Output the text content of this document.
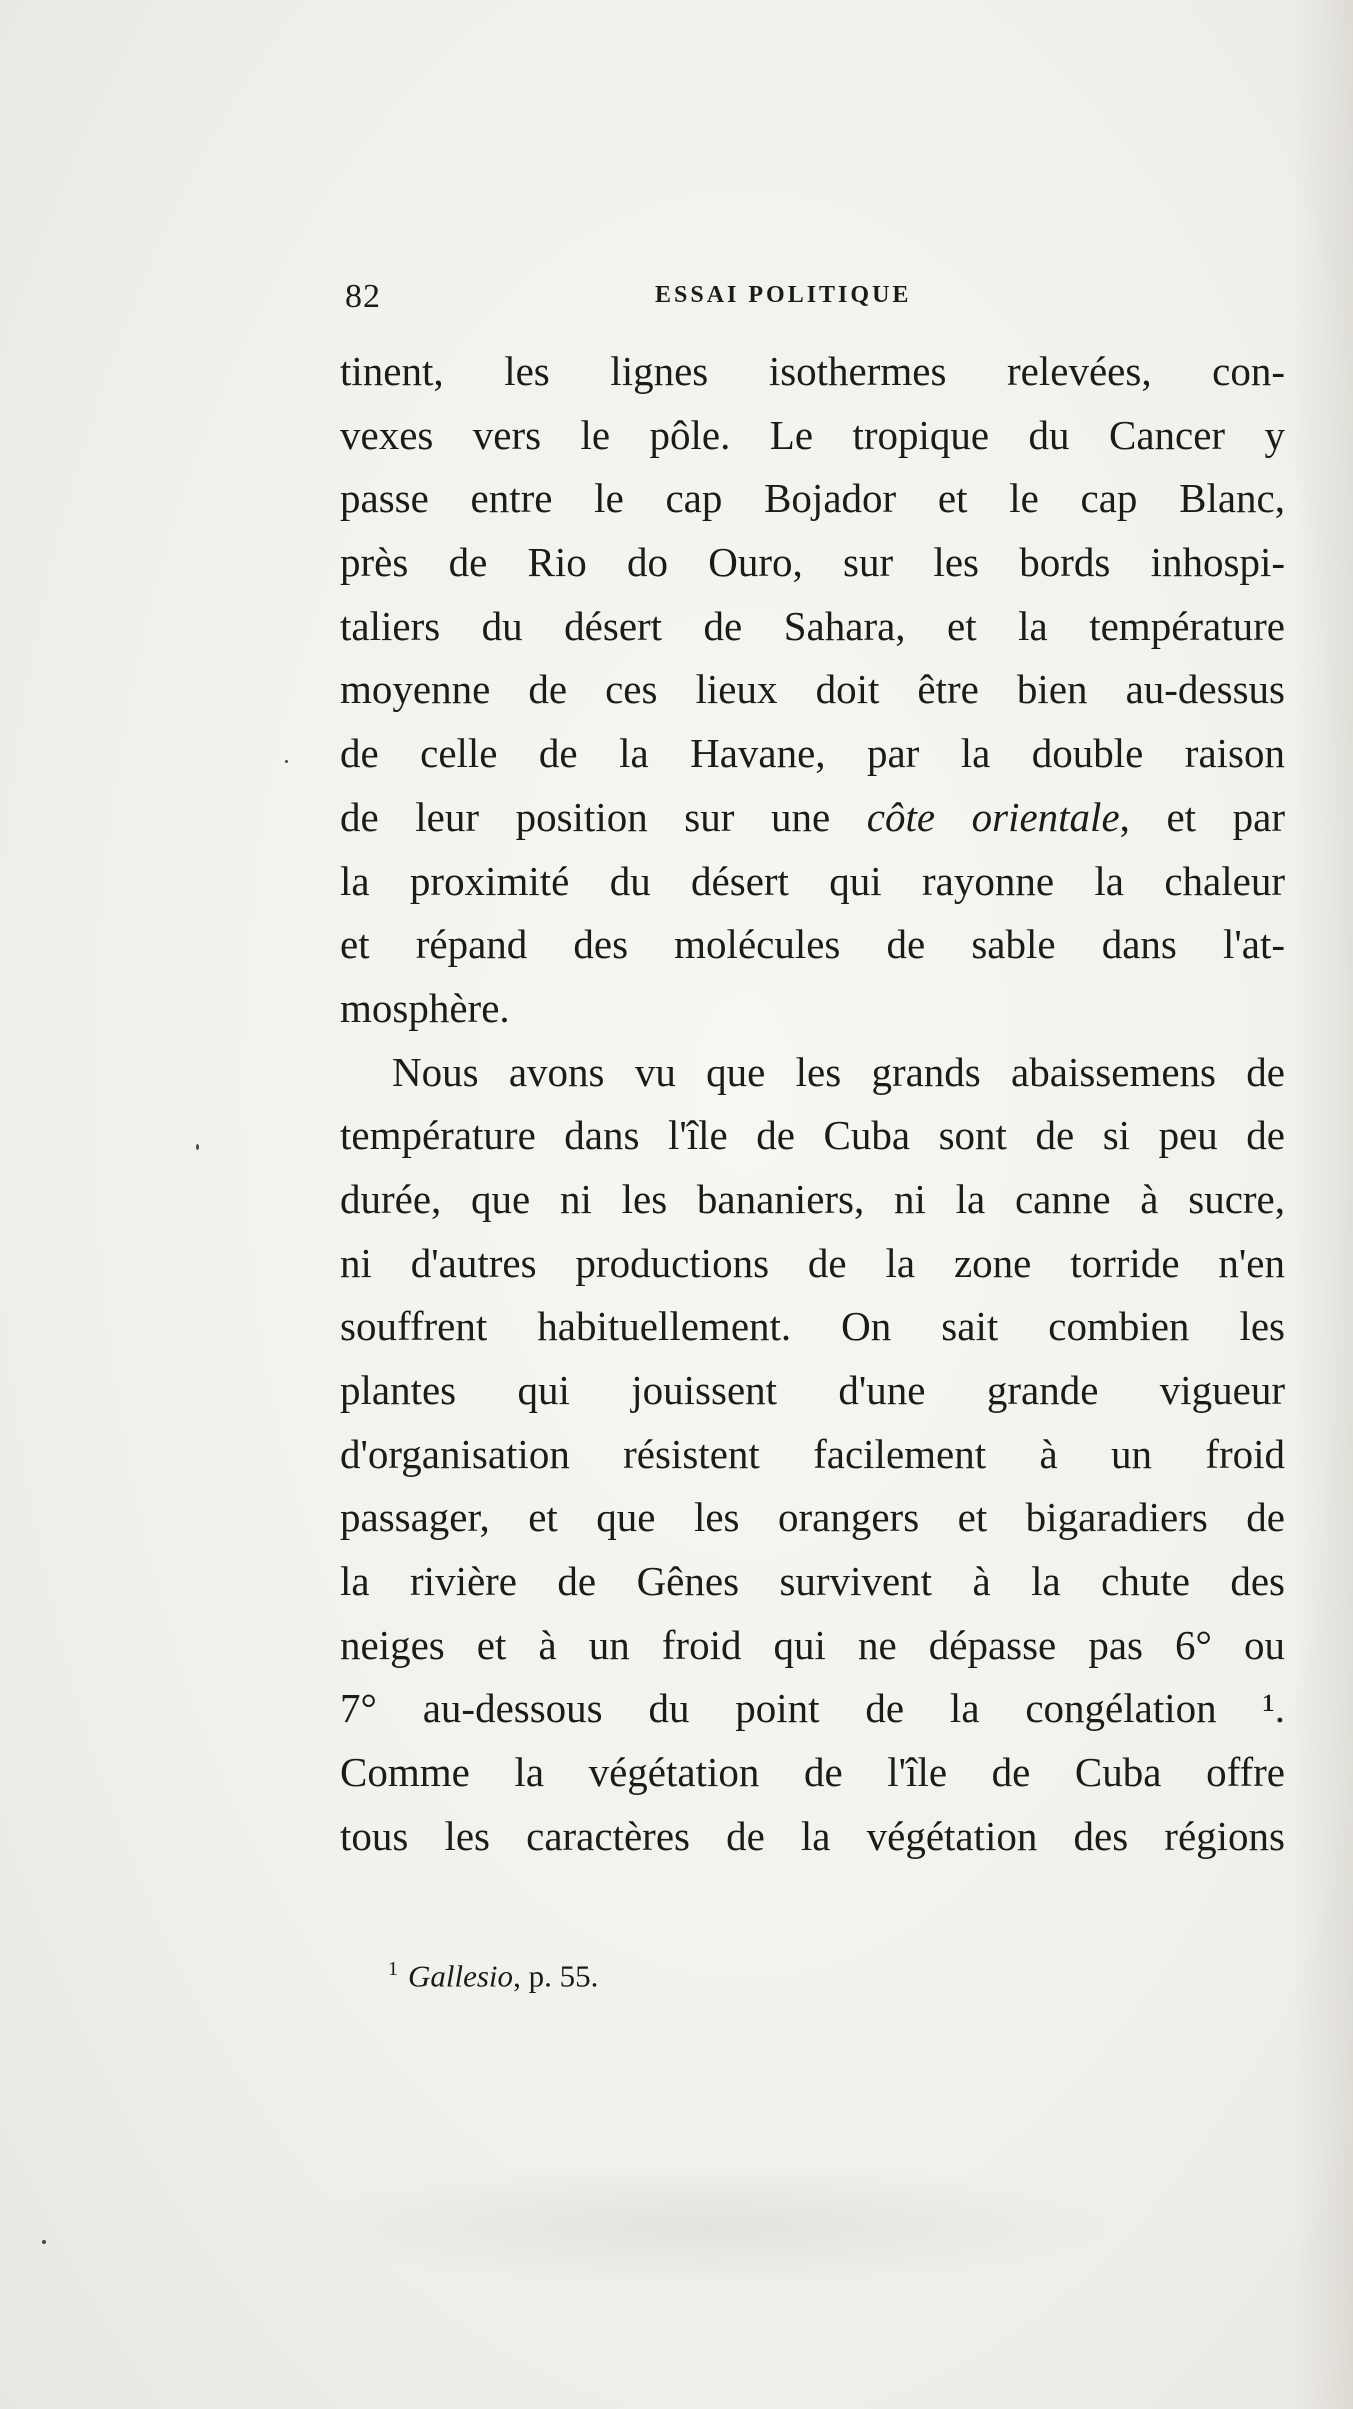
82	ESSAI POLITIQUE
tinent, les lignes isothermes relevées, con-
vexes vers le pôle. Le tropique du Cancer y
passe entre le cap Bojador et le cap Blanc,
près de Rio do Ouro, sur les bords inhospi-
taliers du désert de Sahara, et la température
moyenne de ces lieux doit être bien au-dessus
de celle de la Havane, par la double raison
de leur position sur une côte orientale, et par
la proximité du désert qui rayonne la chaleur
et répand des molécules de sable dans l'at-
mosphère.
Nous avons vu que les grands abaissemens de
température dans l'île de Cuba sont de si peu de
durée, que ni les bananiers, ni la canne à sucre,
ni d'autres productions de la zone torride n'en
souffrent habituellement. On sait combien les
plantes qui jouissent d'une grande vigueur
d'organisation résistent facilement à un froid
passager, et que les orangers et bigaradiers de
la rivière de Gênes survivent à la chute des
neiges et à un froid qui ne dépasse pas 6° ou
7° au-dessous du point de la congélation ¹.
Comme la végétation de l'île de Cuba offre
tous les caractères de la végétation des régions
$^1$ Gallesio, p. 55.
